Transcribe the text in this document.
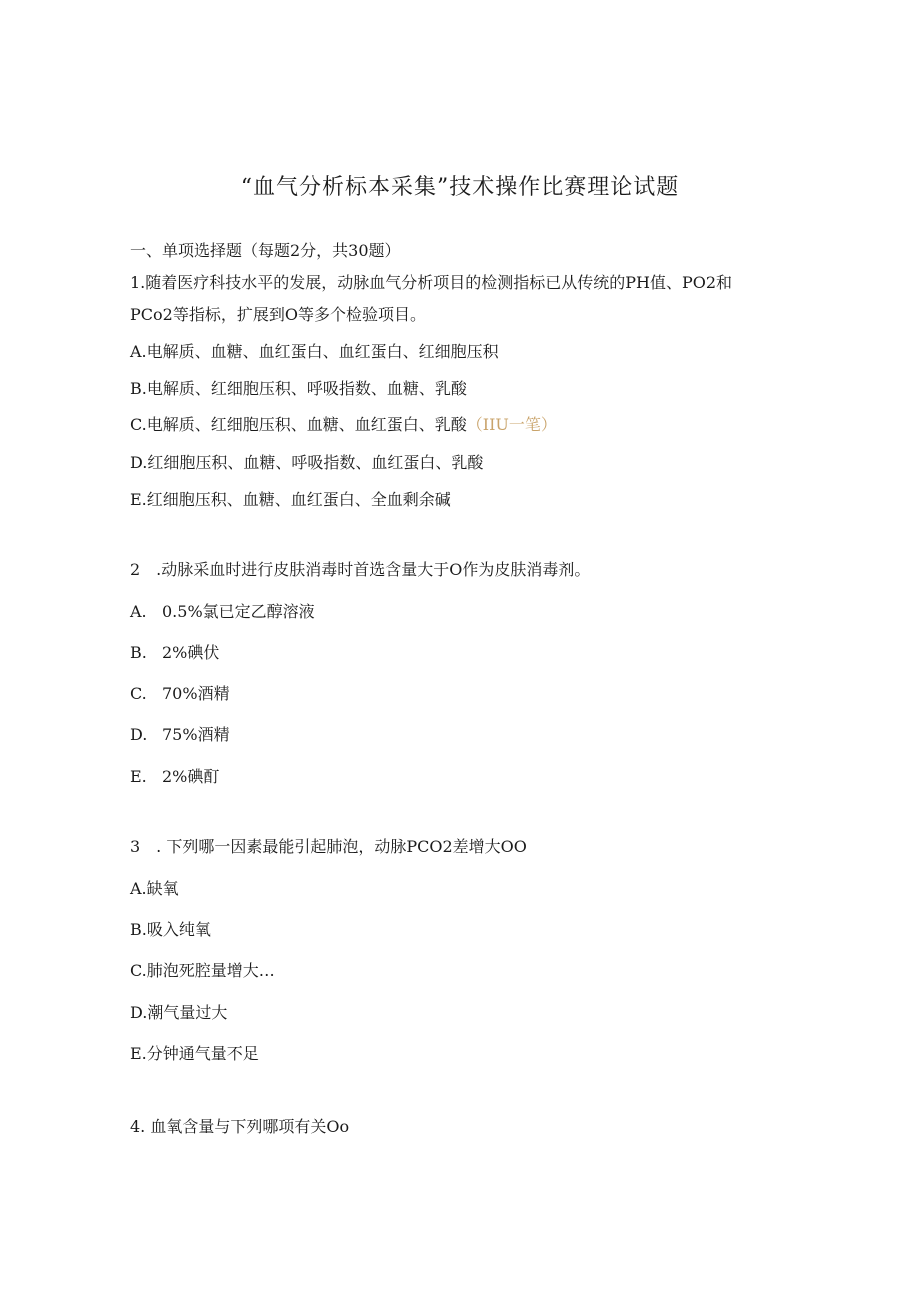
“血气分析标本采集”技术操作比赛理论试题
一、单项选择题（每题2分，共30题）
1.随着医疗科技水平的发展，动脉血气分析项目的检测指标已从传统的PH值、PO2和
PCo2等指标，扩展到O等多个检验项目。
A.电解质、血糖、血红蛋白、血红蛋白、红细胞压积
B.电解质、红细胞压积、呼吸指数、血糖、乳酸
C.电解质、红细胞压积、血糖、血红蛋白、乳酸（IIU一笔）
D.红细胞压积、血糖、呼吸指数、血红蛋白、乳酸
E.红细胞压积、血糖、血红蛋白、全血剩余碱
2　.动脉采血时进行皮肤消毒时首选含量大于O作为皮肤消毒剂。
A. 0.5%氯已定乙醇溶液
B. 2%碘伏
C. 70%酒精
D. 75%酒精
E. 2%碘酊
3　. 下列哪一因素最能引起肺泡，动脉PCO2差增大OO
A.缺氧
B.吸入纯氧
C.肺泡死腔量增大…
D.潮气量过大
E.分钟通气量不足
4. 血氧含量与下列哪项有关Oo
